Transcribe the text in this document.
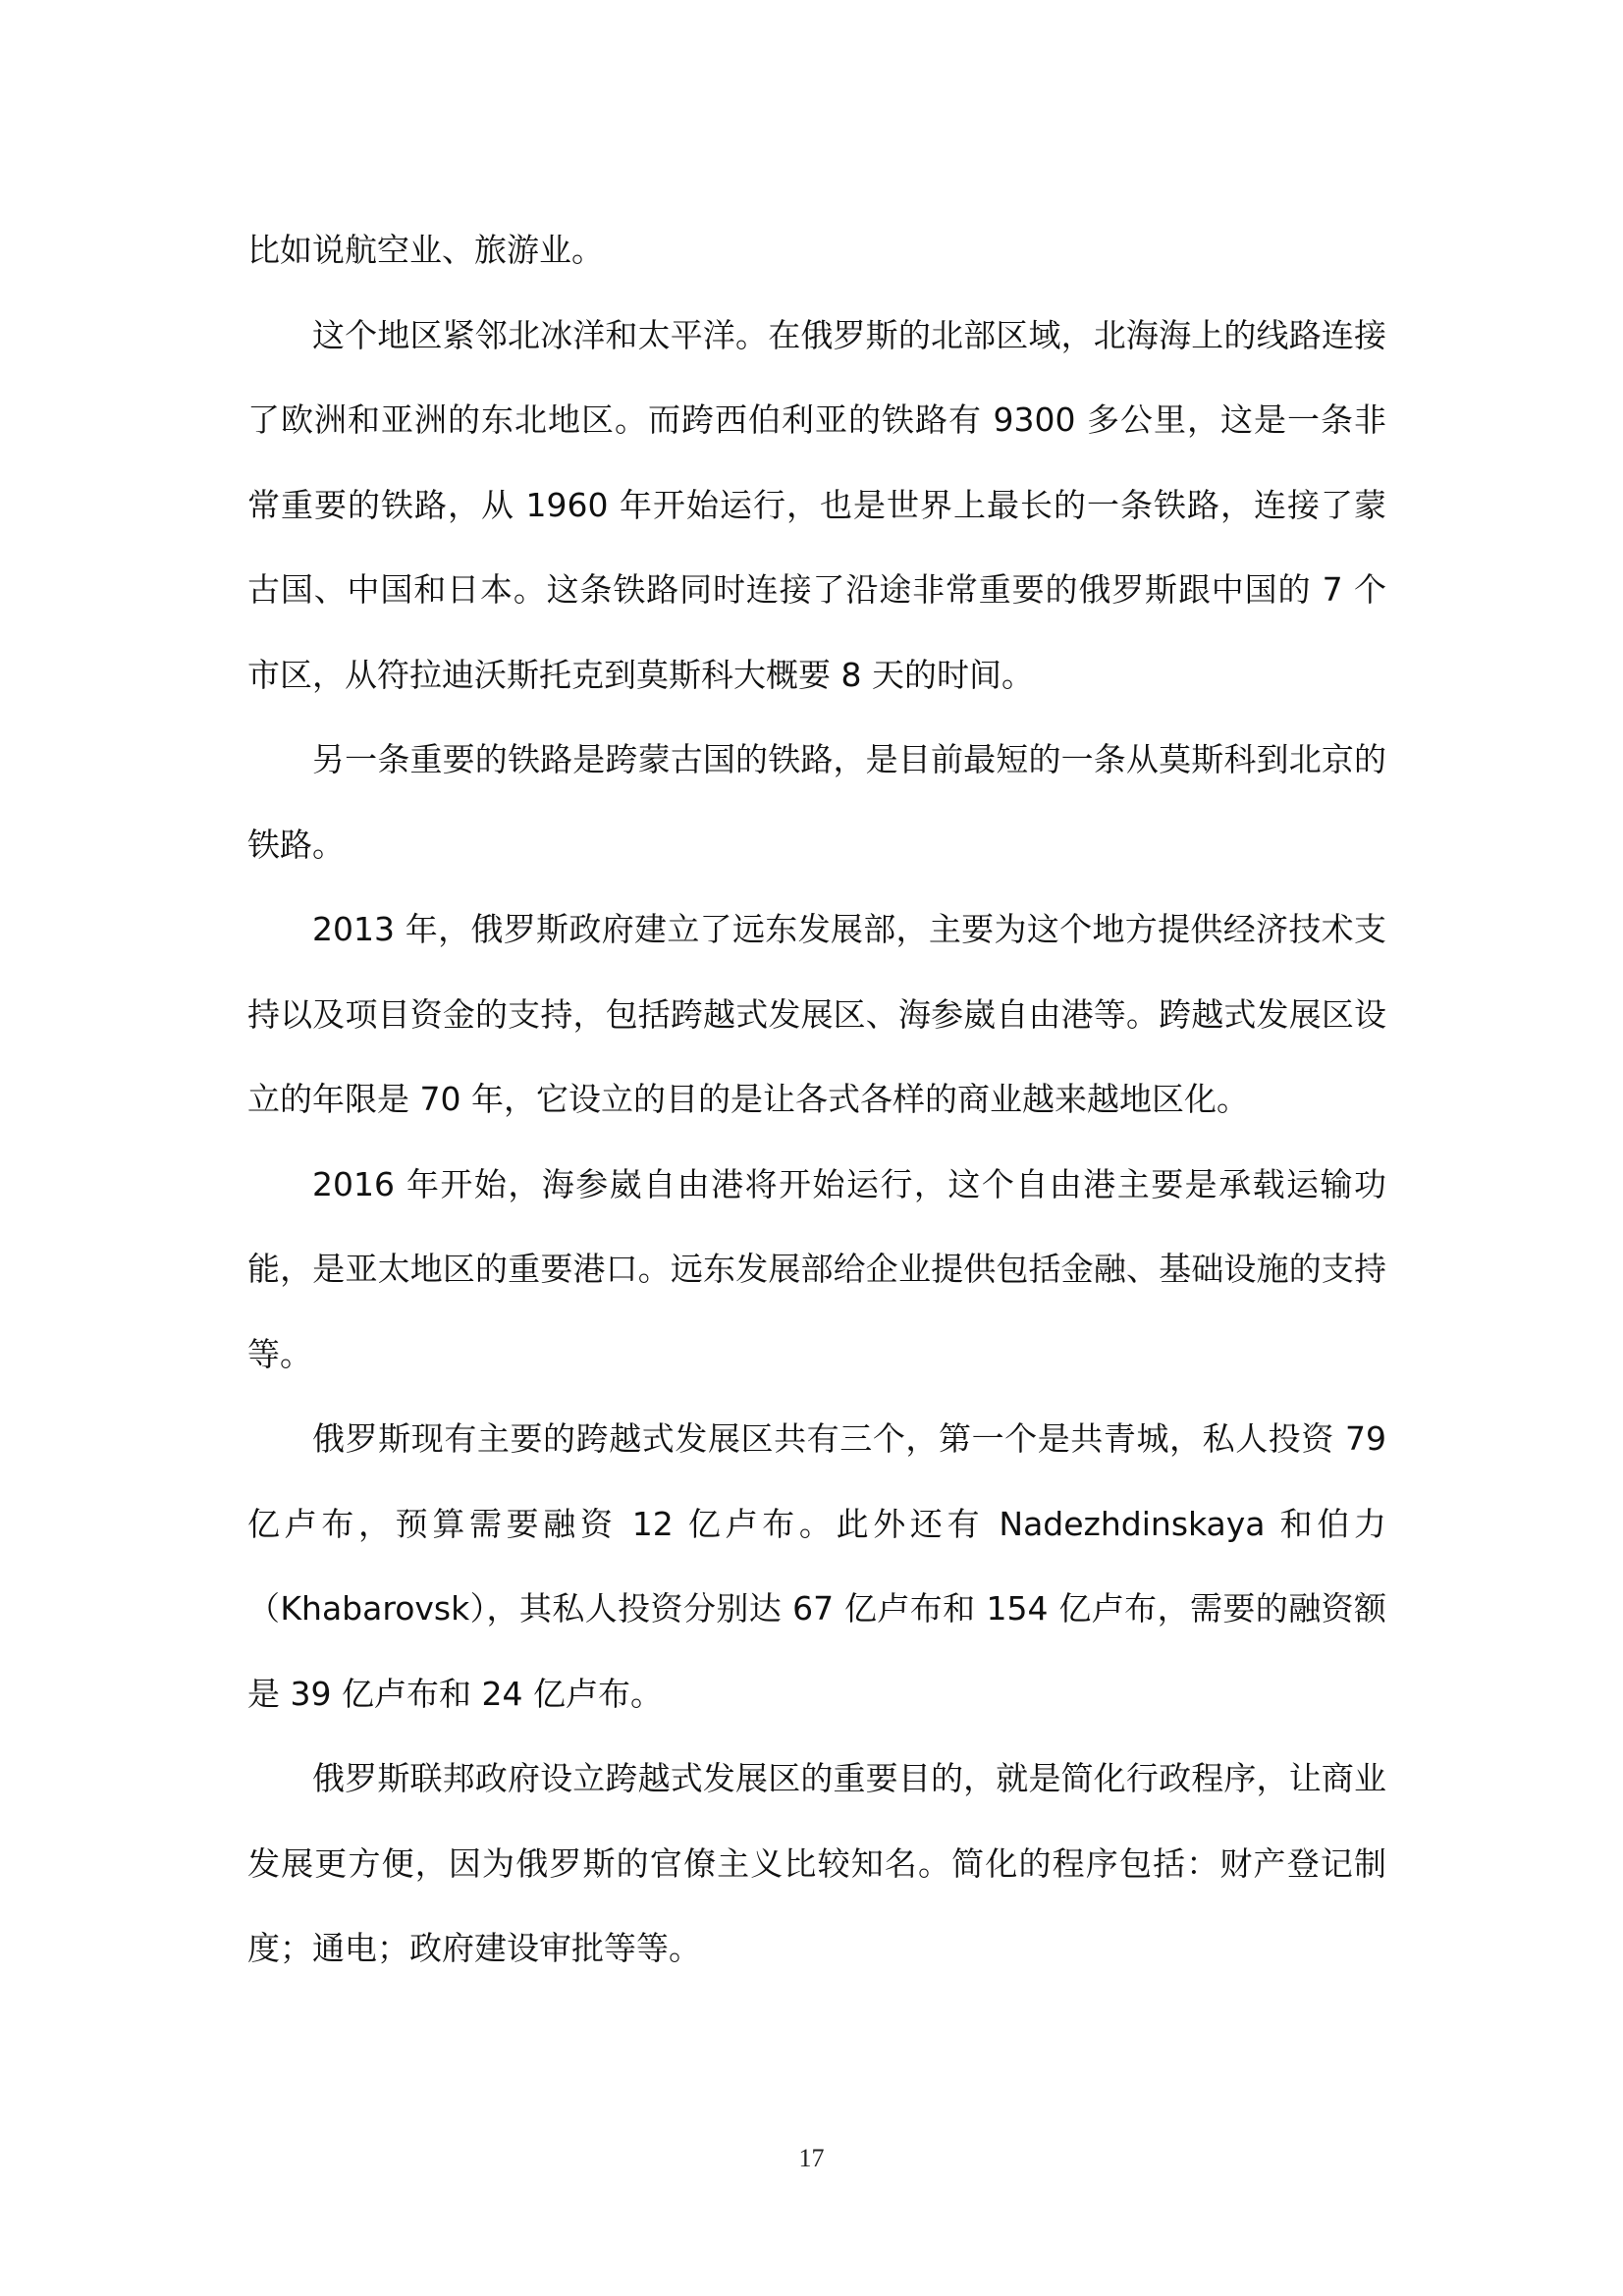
比如说航空业、旅游业。

这个地区紧邻北冰洋和太平洋。在俄罗斯的北部区域，北海海上的线路连接了欧洲和亚洲的东北地区。而跨西伯利亚的铁路有 9300 多公里，这是一条非常重要的铁路，从 1960 年开始运行，也是世界上最长的一条铁路，连接了蒙古国、中国和日本。这条铁路同时连接了沿途非常重要的俄罗斯跟中国的 7 个市区，从符拉迪沃斯托克到莫斯科大概要 8 天的时间。

另一条重要的铁路是跨蒙古国的铁路，是目前最短的一条从莫斯科到北京的铁路。

2013 年，俄罗斯政府建立了远东发展部，主要为这个地方提供经济技术支持以及项目资金的支持，包括跨越式发展区、海参崴自由港等。跨越式发展区设立的年限是 70 年，它设立的目的是让各式各样的商业越来越地区化。

2016 年开始，海参崴自由港将开始运行，这个自由港主要是承载运输功能，是亚太地区的重要港口。远东发展部给企业提供包括金融、基础设施的支持等。

俄罗斯现有主要的跨越式发展区共有三个，第一个是共青城，私人投资 79 亿卢布，预算需要融资 12 亿卢布。此外还有 Nadezhdinskaya 和伯力（Khabarovsk），其私人投资分别达 67 亿卢布和 154 亿卢布，需要的融资额是 39 亿卢布和 24 亿卢布。

俄罗斯联邦政府设立跨越式发展区的重要目的，就是简化行政程序，让商业发展更方便，因为俄罗斯的官僚主义比较知名。简化的程序包括：财产登记制度；通电；政府建设审批等等。

17
